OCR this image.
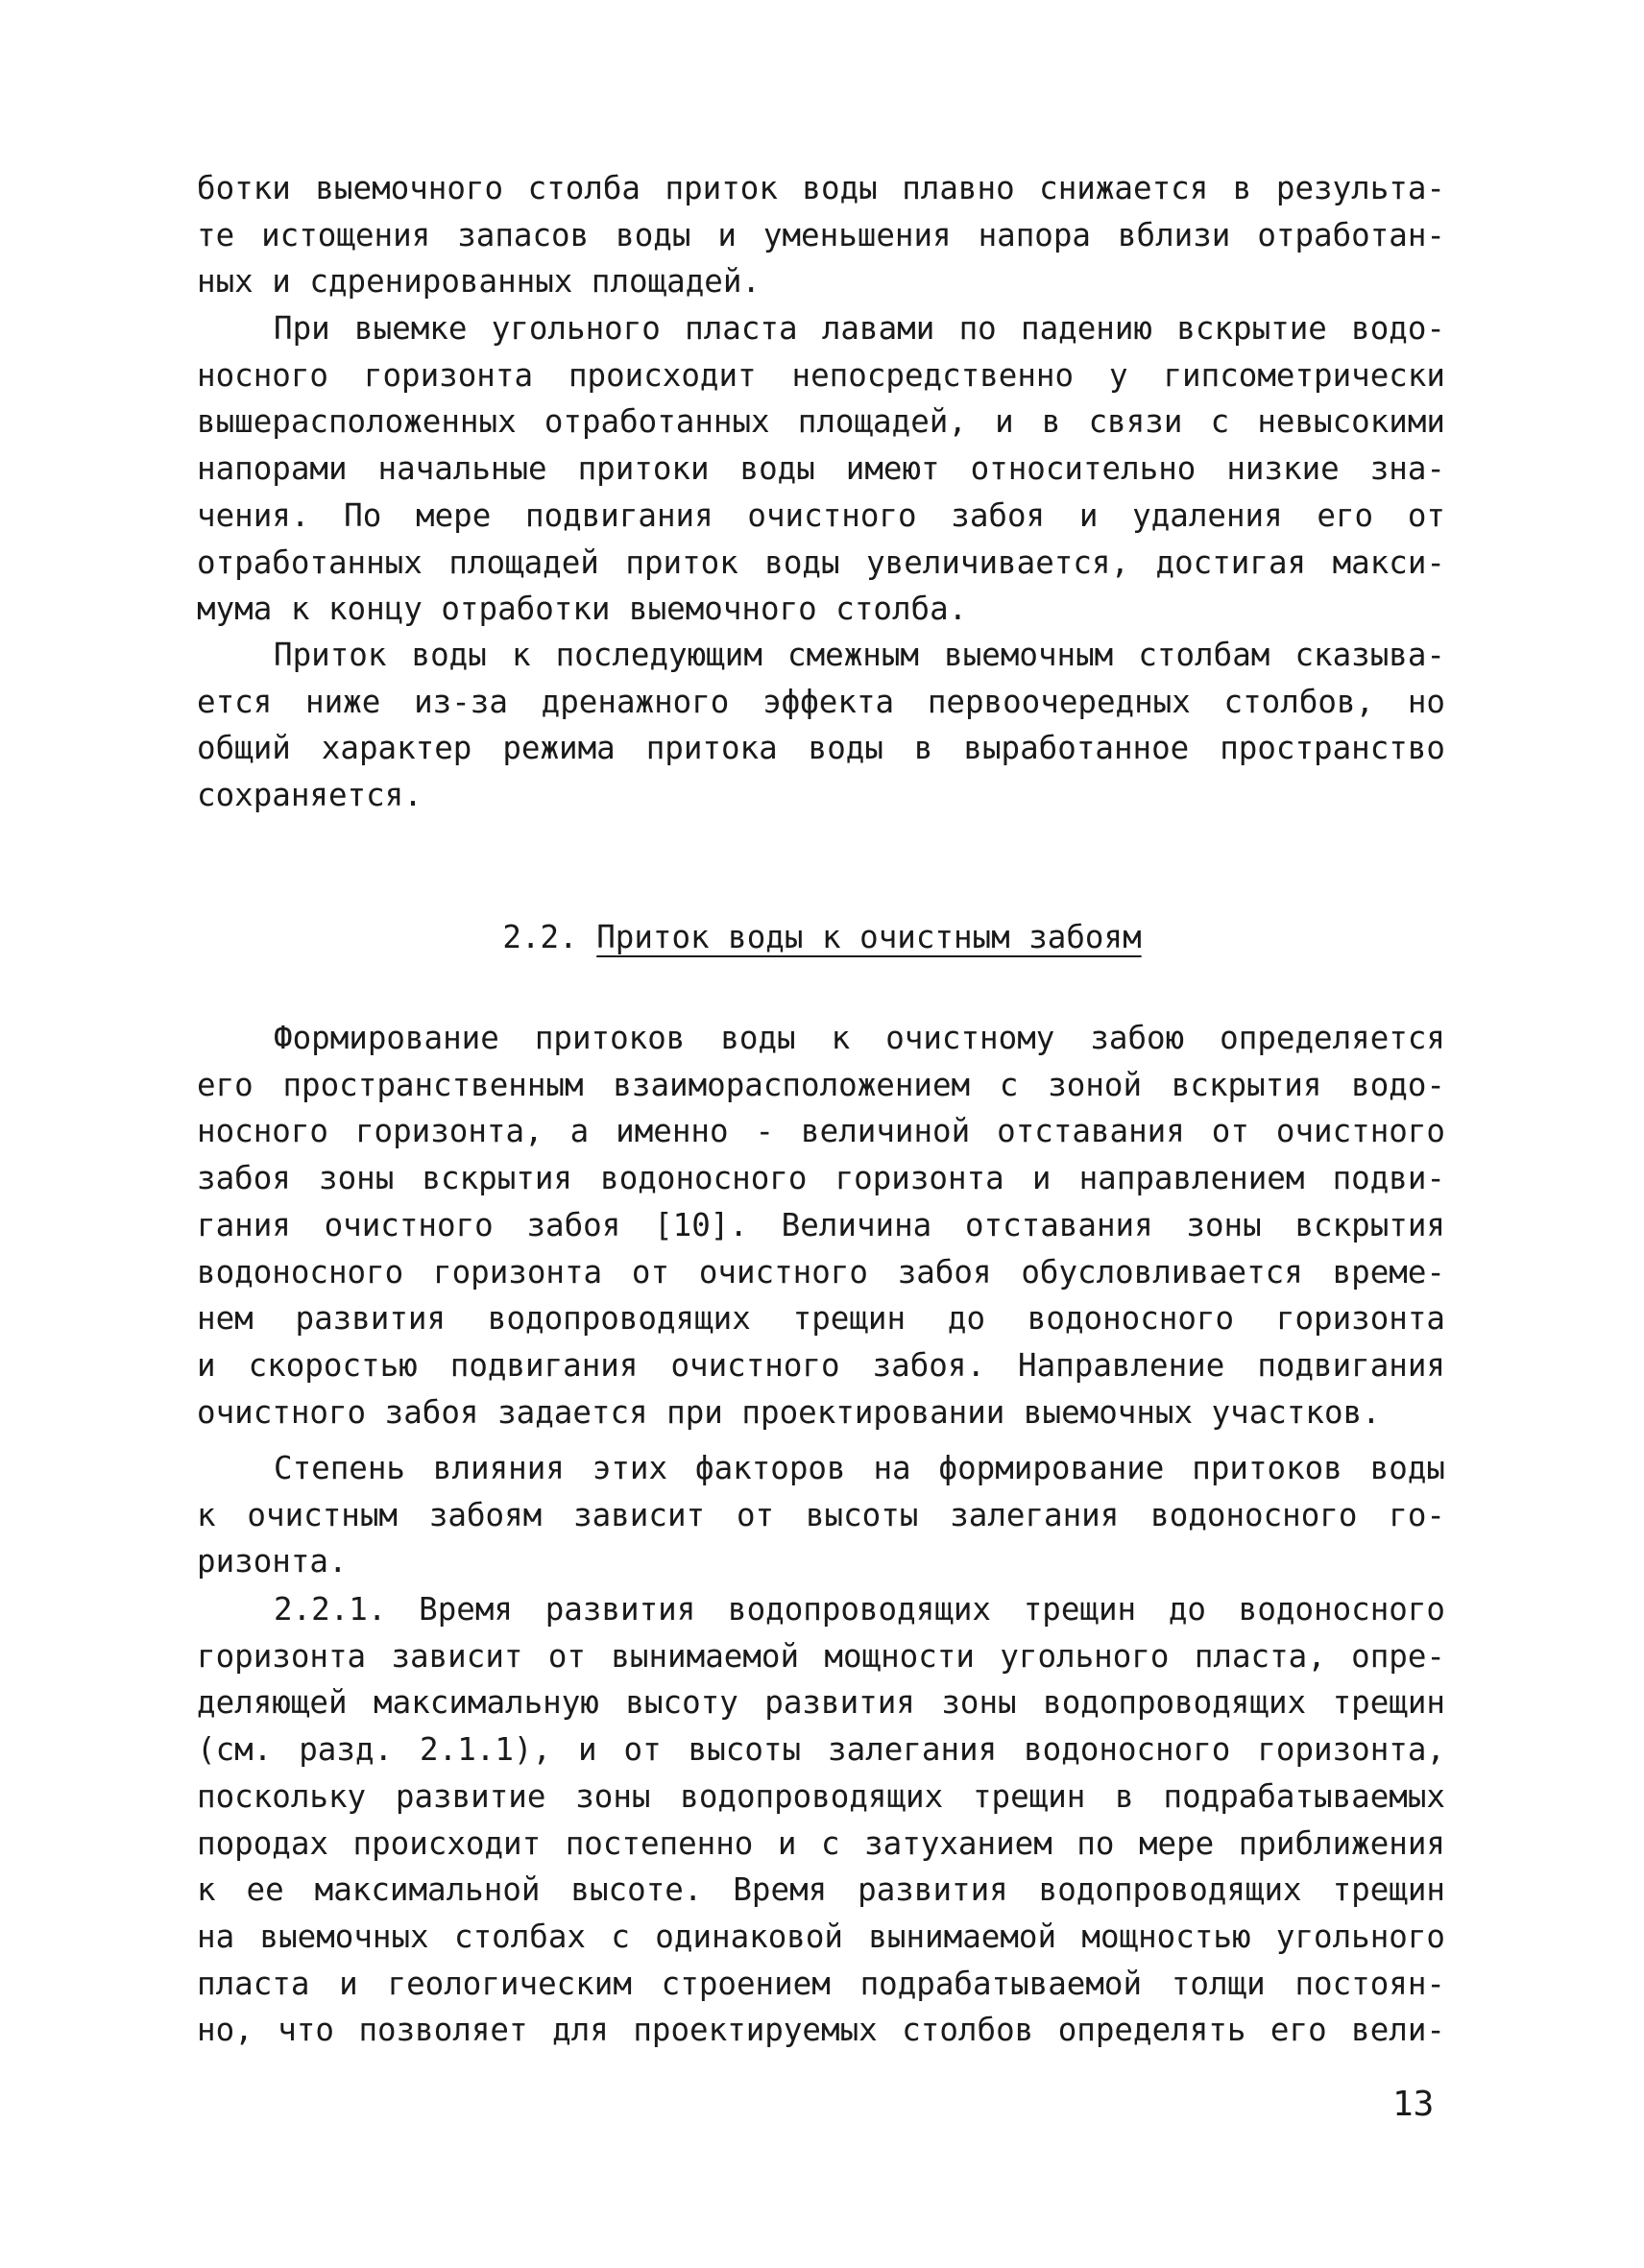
ботки выемочного столба приток воды плавно снижается в результа-
те истощения запасов воды и уменьшения напора вблизи отработан-
ных и сдренированных площадей.
При выемке угольного пласта лавами по падению вскрытие водо-
носного горизонта происходит непосредственно у гипсометрически
вышерасположенных отработанных площадей, и в связи с невысокими
напорами начальные притоки воды имеют относительно низкие зна-
чения. По мере подвигания очистного забоя и удаления его от
отработанных площадей приток воды увеличивается, достигая макси-
мума к концу отработки выемочного столба.
Приток воды к последующим смежным выемочным столбам сказыва-
ется ниже из-за дренажного эффекта первоочередных столбов, но
общий характер режима притока воды в выработанное пространство
сохраняется.
2.2. Приток воды к очистным забоям
Формирование притоков воды к очистному забою определяется
его пространственным взаиморасположением с зоной вскрытия водо-
носного горизонта, а именно - величиной отставания от очистного
забоя зоны вскрытия водоносного горизонта и направлением подви-
гания очистного забоя [10]. Величина отставания зоны вскрытия
водоносного горизонта от очистного забоя обусловливается време-
нем развития водопроводящих трещин до водоносного горизонта
и скоростью подвигания очистного забоя. Направление подвигания
очистного забоя задается при проектировании выемочных участков.
Степень влияния этих факторов на формирование притоков воды
к очистным забоям зависит от высоты залегания водоносного го-
ризонта.
2.2.1. Время развития водопроводящих трещин до водоносного
горизонта зависит от вынимаемой мощности угольного пласта, опре-
деляющей максимальную высоту развития зоны водопроводящих трещин
(см. разд. 2.1.1), и от высоты залегания водоносного горизонта,
поскольку развитие зоны водопроводящих трещин в подрабатываемых
породах происходит постепенно и с затуханием по мере приближения
к ее максимальной высоте. Время развития водопроводящих трещин
на выемочных столбах с одинаковой вынимаемой мощностью угольного
пласта и геологическим строением подрабатываемой толщи постоян-
но, что позволяет для проектируемых столбов определять его вели-
13
